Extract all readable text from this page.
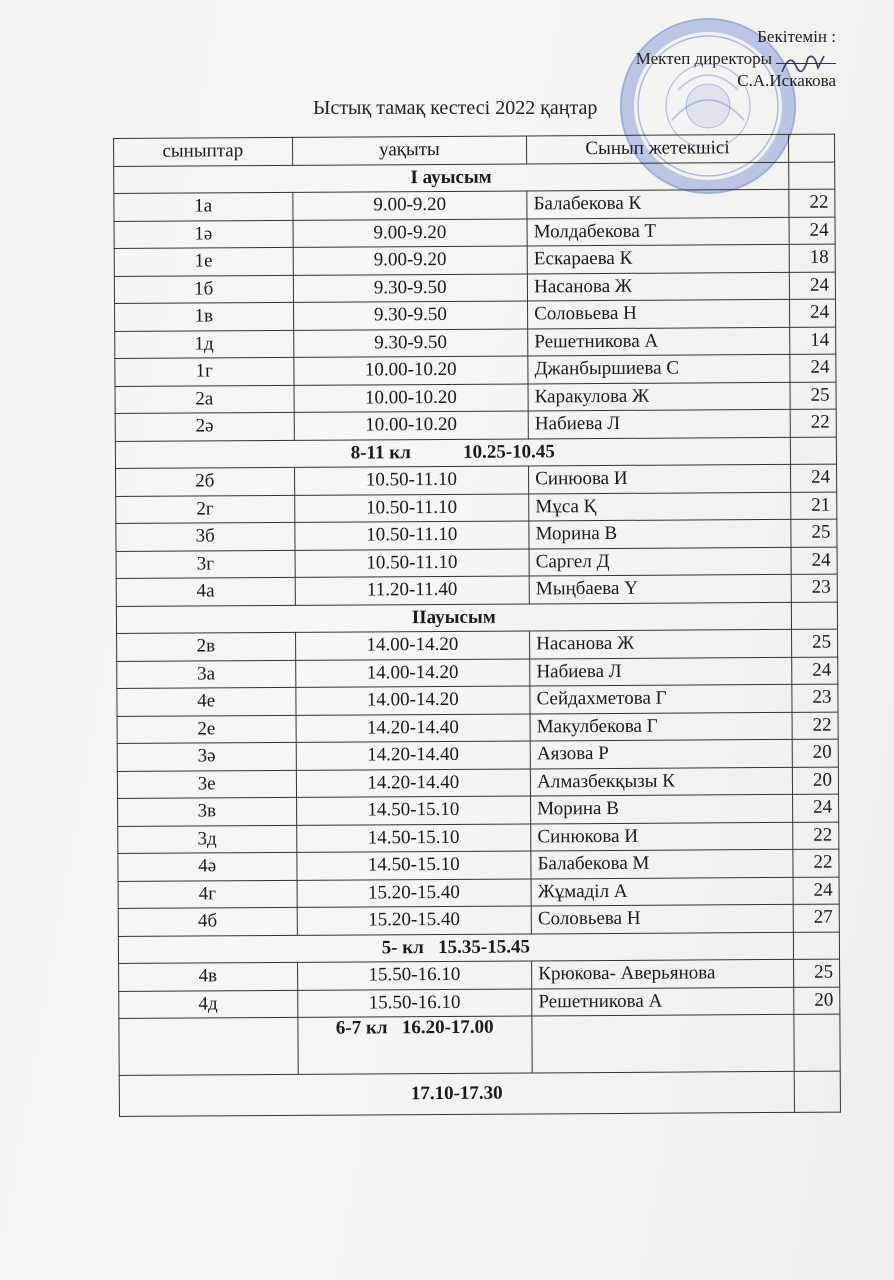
Бекітемін :
Мектеп директоры
С.А.Искакова
Ыстық тамақ кестесі 2022 қаңтар
сыныптар	уақыты	Сынып жетекшісі	
I ауысым			
1а	9.00-9.20	Балабекова К	22
1ә	9.00-9.20	Молдабекова Т	24
1е	9.00-9.20	Ескараева К	18
1б	9.30-9.50	Насанова Ж	24
1в	9.30-9.50	Соловьева Н	24
1д	9.30-9.50	Решетникова А	14
1г	10.00-10.20	Джанбыршиева С	24
2а	10.00-10.20	Каракулова Ж	25
2ә	10.00-10.20	Набиева Л	22
8-11 кл           10.25-10.45			
2б	10.50-11.10	Синюова И	24
2г	10.50-11.10	Мұса Қ	21
3б	10.50-11.10	Морина В	25
3г	10.50-11.10	Саргел Д	24
4а	11.20-11.40	Мыңбаева Ү	23
IIауысым			
2в	14.00-14.20	Насанова Ж	25
3а	14.00-14.20	Набиева Л	24
4е	14.00-14.20	Сейдахметова Г	23
2е	14.20-14.40	Макулбекова Г	22
3ә	14.20-14.40	Аязова Р	20
3е	14.20-14.40	Алмазбекқызы К	20
3в	14.50-15.10	Морина В	24
3д	14.50-15.10	Синюкова И	22
4ә	14.50-15.10	Балабекова М	22
4г	15.20-15.40	Жұмаділ А	24
4б	15.20-15.40	Соловьева Н	27
5- кл   15.35-15.45			
4в	15.50-16.10	Крюкова- Аверьянова	25
4д	15.50-16.10	Решетникова А	20
	6-7 кл   16.20-17.00		
17.10-17.30			
